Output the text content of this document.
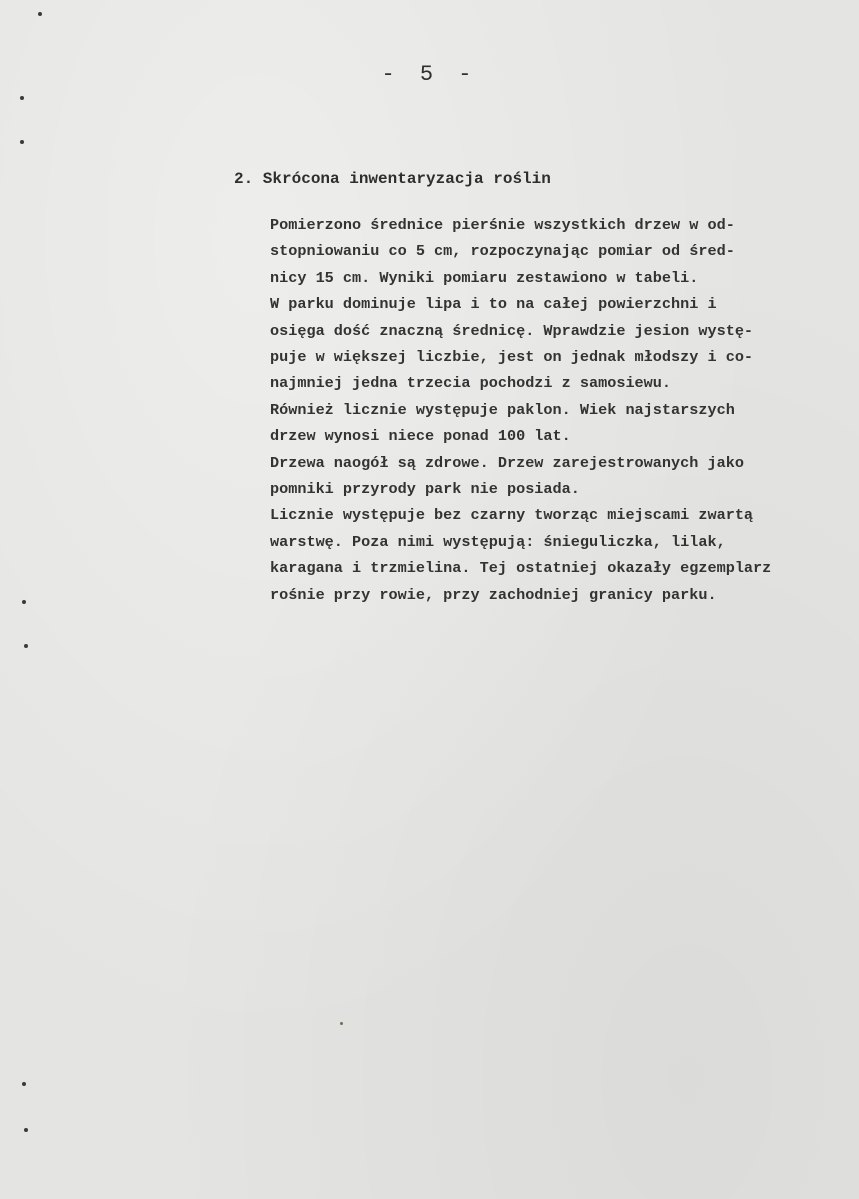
- 5 -
2. Skrócona inwentaryzacja roślin
Pomierzono średnice pierśnie wszystkich drzew w od-
stopniowaniu co 5 cm, rozpoczynając pomiar od śred-
nicy 15 cm. Wyniki pomiaru zestawiono w tabeli.
W parku dominuje lipa i to na całej powierzchni i
osięga dość znaczną średnicę. Wprawdzie jesion wystę-
puje w większej liczbie, jest on jednak młodszy i co-
najmniej jedna trzecia pochodzi z samosiewu.
Również licznie występuje paklon. Wiek najstarszych
drzew wynosi niece ponad 100 lat.
Drzewa naogół są zdrowe. Drzew zarejestrowanych jako
pomniki przyrody park nie posiada.
Licznie występuje bez czarny tworząc miejscami zwartą
warstwę. Poza nimi występują: śnieguliczka, lilak,
karagana i trzmielina. Tej ostatniej okazały egzemplarz
rośnie przy rowie, przy zachodniej granicy parku.
